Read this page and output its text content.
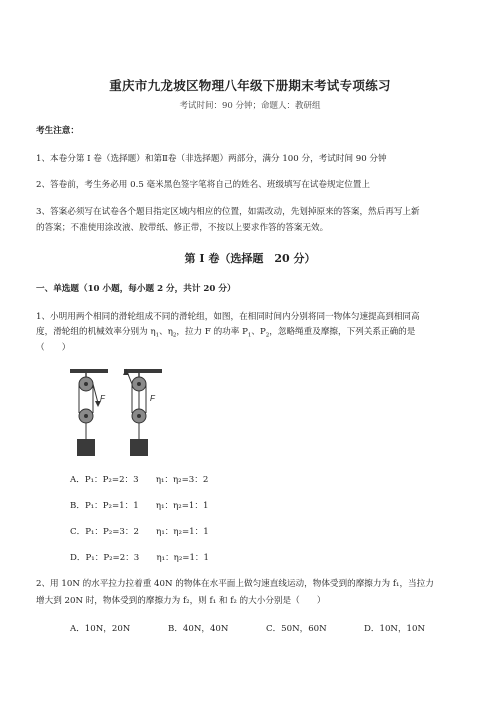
重庆市九龙坡区物理八年级下册期末考试专项练习
考试时间：90 分钟；命题人：教研组
考生注意：
1、本卷分第 I 卷（选择题）和第Ⅱ卷（非选择题）两部分，满分 100 分，考试时间 90 分钟
2、答卷前，考生务必用 0.5 毫米黑色签字笔将自己的姓名、班级填写在试卷规定位置上
3、答案必须写在试卷各个题目指定区域内相应的位置，如需改动，先划掉原来的答案，然后再写上新
的答案；不准使用涂改液、胶带纸、修正带，不按以上要求作答的答案无效。
第 I 卷（选择题　20 分）
一、单选题（10 小题，每小题 2 分，共计 20 分）
1、小明用两个相同的滑轮组成不同的滑轮组，如图，在相同时间内分别将同一物体匀速提高到相同高
度，滑轮组的机械效率分别为 $\eta_1$、$\eta_2$，拉力 F 的功率 $P_1$、$P_2$，忽略绳重及摩擦，下列关系正确的是
（　　）
F	F
A．P₁：P₂=2：3　　 η₁：η₂=3：2
B．P₁：P₂=1：1　　 η₁：η₂=1：1
C．P₁：P₂=3：2　　 η₁：η₂=1：1
D．P₁：P₂=2：3　　 η₁：η₂=1：1
2、用 10N 的水平拉力拉着重 40N 的物体在水平面上做匀速直线运动，物体受到的摩擦力为 f₁，当拉力
增大到 20N 时，物体受到的摩擦力为 f₂，则 f₁ 和 f₂ 的大小分别是（　　）
A．10N，20N	B．40N，40N	C．50N，60N	D．10N，10N
